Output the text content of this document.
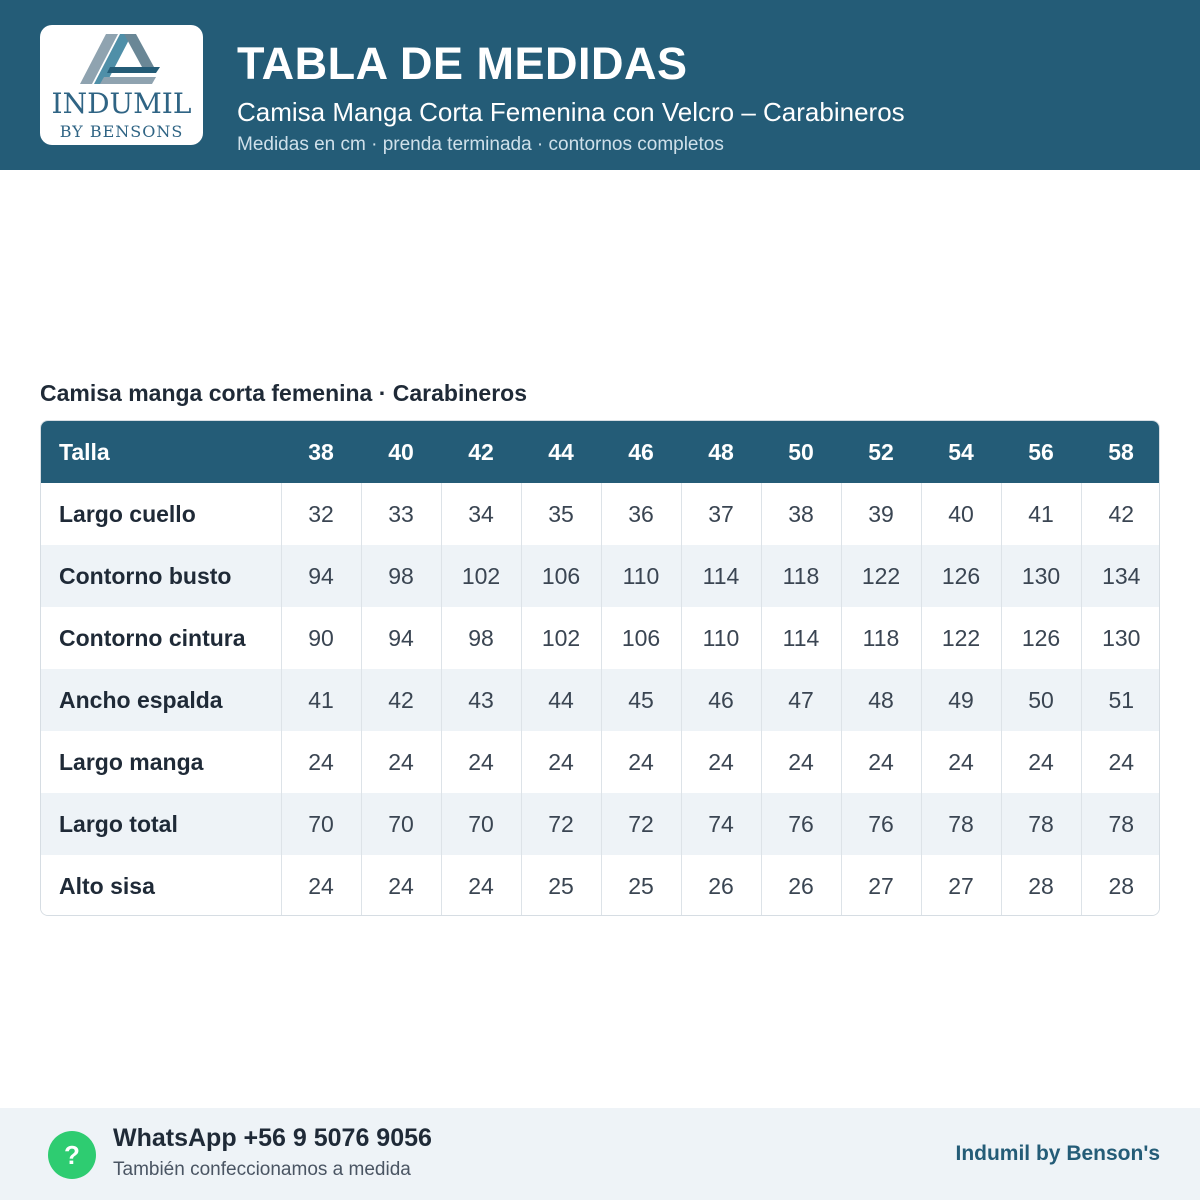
INDUMIL
BY BENSONS
TABLA DE MEDIDAS
Camisa Manga Corta Femenina con Velcro – Carabineros
Medidas en cm · prenda terminada · contornos completos
Camisa manga corta femenina · Carabineros
Talla	38	40	42	44	46	48	50	52	54	56	58
Largo cuello	32	33	34	35	36	37	38	39	40	41	42
Contorno busto	94	98	102	106	110	114	118	122	126	130	134
Contorno cintura	90	94	98	102	106	110	114	118	122	126	130
Ancho espalda	41	42	43	44	45	46	47	48	49	50	51
Largo manga	24	24	24	24	24	24	24	24	24	24	24
Largo total	70	70	70	72	72	74	76	76	78	78	78
Alto sisa	24	24	24	25	25	26	26	27	27	28	28
?
WhatsApp +56 9 5076 9056
También confeccionamos a medida
Indumil by Benson's
